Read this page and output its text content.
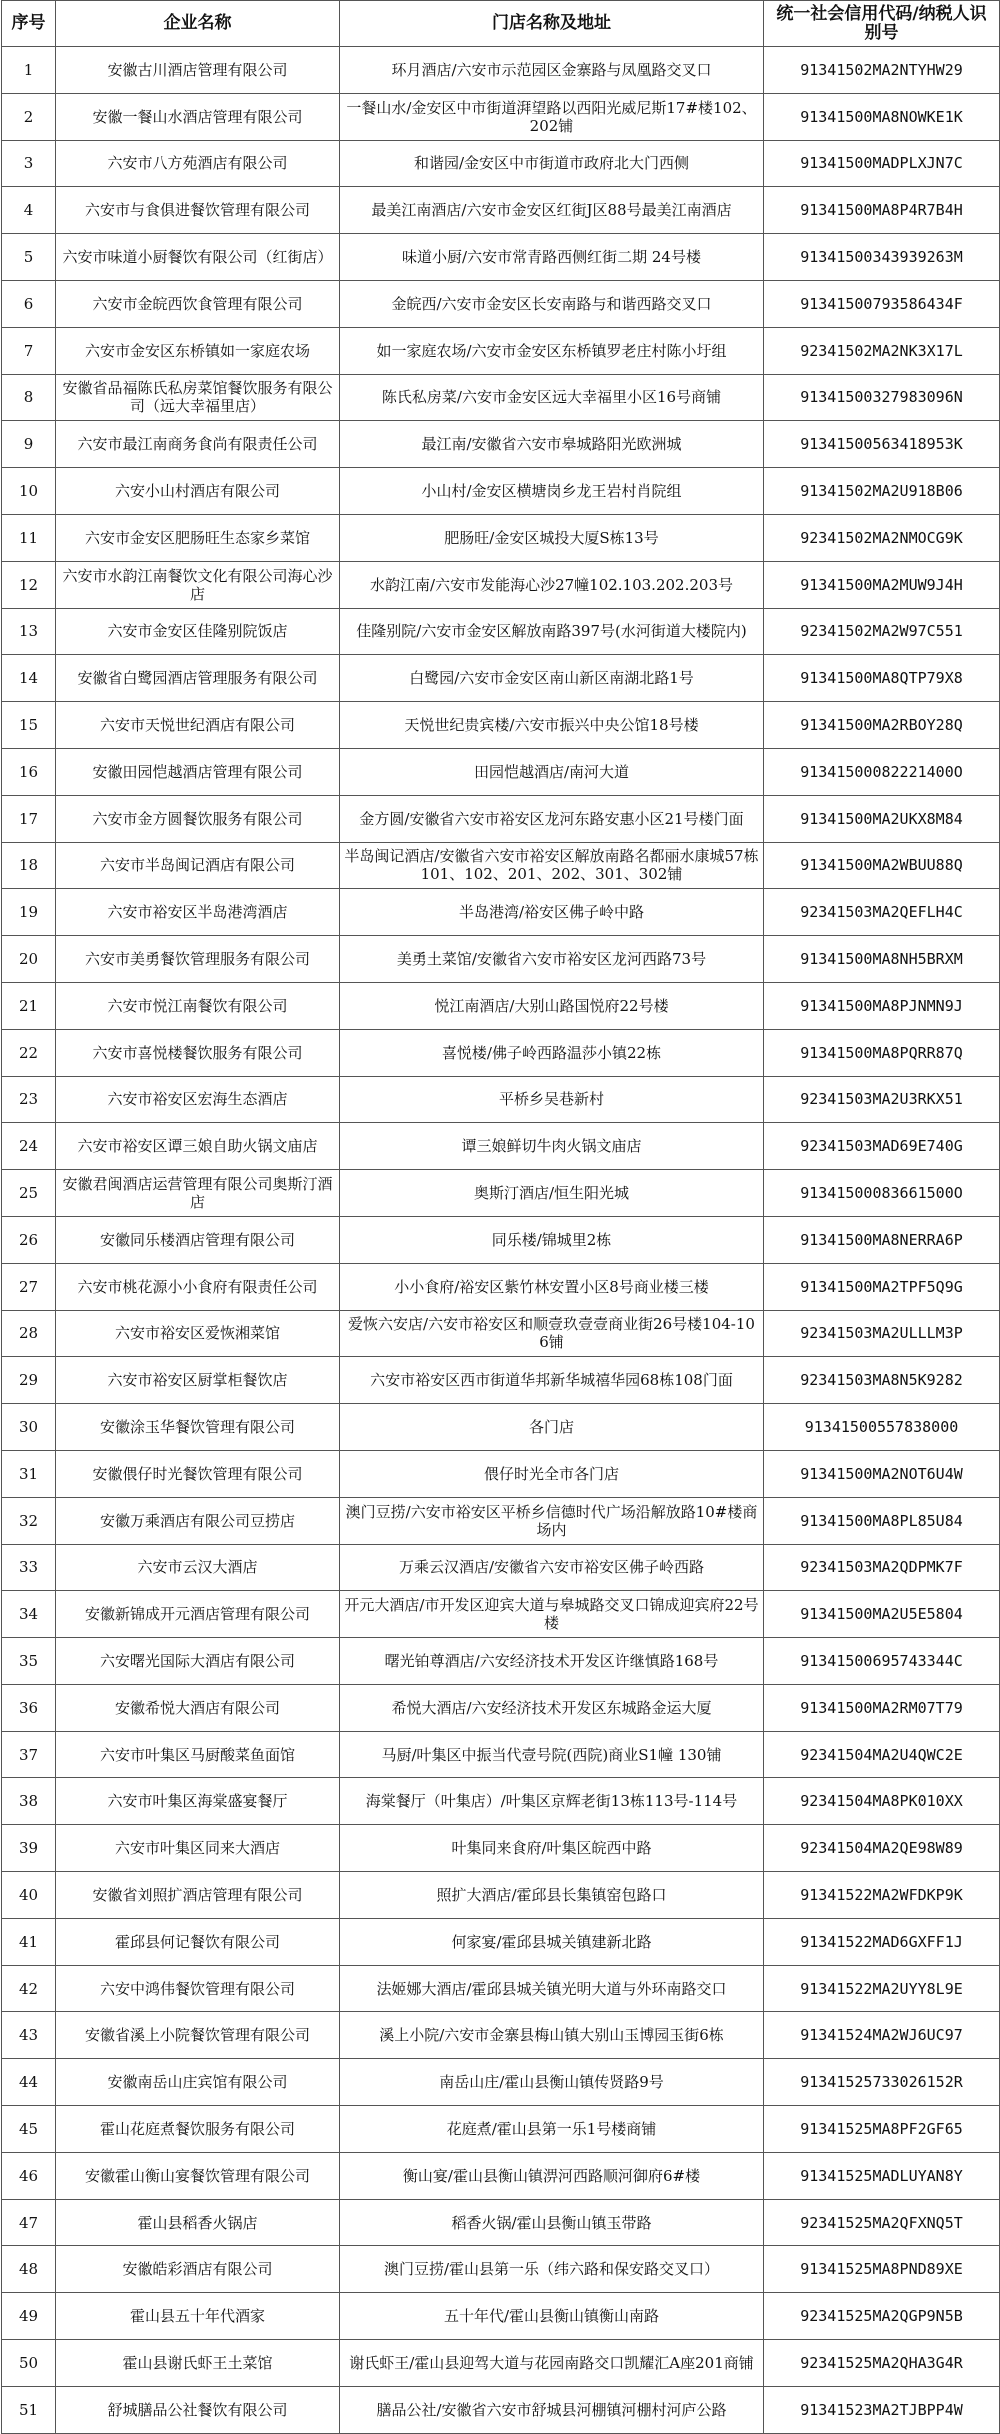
序号	企业名称	门店名称及地址	统一社会信用代码/纳税人识别号
1	安徽古川酒店管理有限公司	环月酒店/六安市示范园区金寨路与凤凰路交叉口	91341502MA2NTYHW29
2	安徽一餐山水酒店管理有限公司	一餐山水/金安区中市街道湃望路以西阳光威尼斯17#楼102、202铺	91341500MA8NOWKE1K
3	六安市八方苑酒店有限公司	和谐园/金安区中市街道市政府北大门西侧	91341500MADPLXJN7C
4	六安市与食俱进餐饮管理有限公司	最美江南酒店/六安市金安区红街J区88号最美江南酒店	91341500MA8P4R7B4H
5	六安市味道小厨餐饮有限公司（红街店）	味道小厨/六安市常青路西侧红街二期 24号楼	91341500343939263M
6	六安市金皖西饮食管理有限公司	金皖西/六安市金安区长安南路与和谐西路交叉口	91341500793586434F
7	六安市金安区东桥镇如一家庭农场	如一家庭农场/六安市金安区东桥镇罗老庄村陈小圩组	92341502MA2NK3X17L
8	安徽省品福陈氏私房菜馆餐饮服务有限公司（远大幸福里店）	陈氏私房菜/六安市金安区远大幸福里小区16号商铺	91341500327983096N
9	六安市最江南商务食尚有限责任公司	最江南/安徽省六安市皋城路阳光欧洲城	91341500563418953K
10	六安小山村酒店有限公司	小山村/金安区横塘岗乡龙王岩村肖院组	91341502MA2U918B06
11	六安市金安区肥肠旺生态家乡菜馆	肥肠旺/金安区城投大厦S栋13号	92341502MA2NMOCG9K
12	六安市水韵江南餐饮文化有限公司海心沙店	水韵江南/六安市发能海心沙27幢102.103.202.203号	91341500MA2MUW9J4H
13	六安市金安区佳隆别院饭店	佳隆别院/六安市金安区解放南路397号(水河街道大楼院内)	92341502MA2W97C551
14	安徽省白鹭园酒店管理服务有限公司	白鹭园/六安市金安区南山新区南湖北路1号	91341500MA8QTP79X8
15	六安市天悦世纪酒店有限公司	天悦世纪贵宾楼/六安市振兴中央公馆18号楼	91341500MA2RBOY28Q
16	安徽田园恺越酒店管理有限公司	田园恺越酒店/南河大道	91341500082221400O
17	六安市金方圆餐饮服务有限公司	金方圆/安徽省六安市裕安区龙河东路安惠小区21号楼门面	91341500MA2UKX8M84
18	六安市半岛闽记酒店有限公司	半岛闽记酒店/安徽省六安市裕安区解放南路名都丽水康城57栋101、102、201、202、301、302铺	91341500MA2WBUU88Q
19	六安市裕安区半岛港湾酒店	半岛港湾/裕安区佛子岭中路	92341503MA2QEFLH4C
20	六安市美勇餐饮管理服务有限公司	美勇土菜馆/安徽省六安市裕安区龙河西路73号	91341500MA8NH5BRXM
21	六安市悦江南餐饮有限公司	悦江南酒店/大别山路国悦府22号楼	91341500MA8PJNMN9J
22	六安市喜悦楼餐饮服务有限公司	喜悦楼/佛子岭西路温莎小镇22栋	91341500MA8PQRR87Q
23	六安市裕安区宏海生态酒店	平桥乡吴巷新村	92341503MA2U3RKX51
24	六安市裕安区谭三娘自助火锅文庙店	谭三娘鲜切牛肉火锅文庙店	92341503MAD69E740G
25	安徽君闽酒店运营管理有限公司奥斯汀酒店	奥斯汀酒店/恒生阳光城	91341500083661500O
26	安徽同乐楼酒店管理有限公司	同乐楼/锦城里2栋	91341500MA8NERRA6P
27	六安市桃花源小小食府有限责任公司	小小食府/裕安区紫竹林安置小区8号商业楼三楼	91341500MA2TPF5Q9G
28	六安市裕安区爱恢湘菜馆	爱恢六安店/六安市裕安区和顺壹玖壹壹商业街26号楼104-106铺	92341503MA2ULLLM3P
29	六安市裕安区厨掌柜餐饮店	六安市裕安区西市街道华邦新华城禧华园68栋108门面	92341503MA8N5K9282
30	安徽涂玉华餐饮管理有限公司	各门店	91341500557838000
31	安徽偎仔时光餐饮管理有限公司	偎仔时光全市各门店	91341500MA2NOT6U4W
32	安徽万乘酒店有限公司豆捞店	澳门豆捞/六安市裕安区平桥乡信德时代广场沿解放路10#楼商场内	91341500MA8PL85U84
33	六安市云汉大酒店	万乘云汉酒店/安徽省六安市裕安区佛子岭西路	92341503MA2QDPMK7F
34	安徽新锦成开元酒店管理有限公司	开元大酒店/市开发区迎宾大道与皋城路交叉口锦成迎宾府22号楼	91341500MA2U5E5804
35	六安曙光国际大酒店有限公司	曙光铂尊酒店/六安经济技术开发区许继慎路168号	91341500695743344C
36	安徽希悦大酒店有限公司	希悦大酒店/六安经济技术开发区东城路金运大厦	91341500MA2RM07T79
37	六安市叶集区马厨酸菜鱼面馆	马厨/叶集区中振当代壹号院(西院)商业S1幢 130铺	92341504MA2U4QWC2E
38	六安市叶集区海棠盛宴餐厅	海棠餐厅（叶集店）/叶集区京辉老街13栋113号-114号	92341504MA8PK010XX
39	六安市叶集区同来大酒店	叶集同来食府/叶集区皖西中路	92341504MA2QE98W89
40	安徽省刘照扩酒店管理有限公司	照扩大酒店/霍邱县长集镇窑包路口	91341522MA2WFDKP9K
41	霍邱县何记餐饮有限公司	何家宴/霍邱县城关镇建新北路	91341522MAD6GXFF1J
42	六安中鸿伟餐饮管理有限公司	法姬娜大酒店/霍邱县城关镇光明大道与外环南路交口	91341522MA2UYY8L9E
43	安徽省溪上小院餐饮管理有限公司	溪上小院/六安市金寨县梅山镇大别山玉博园玉街6栋	91341524MA2WJ6UC97
44	安徽南岳山庄宾馆有限公司	南岳山庄/霍山县衡山镇传贤路9号	91341525733026152R
45	霍山花庭煮餐饮服务有限公司	花庭煮/霍山县第一乐1号楼商铺	91341525MA8PF2GF65
46	安徽霍山衡山宴餐饮管理有限公司	衡山宴/霍山县衡山镇淠河西路顺河御府6#楼	91341525MADLUYAN8Y
47	霍山县稻香火锅店	稻香火锅/霍山县衡山镇玉带路	92341525MA2QFXNQ5T
48	安徽皓彩酒店有限公司	澳门豆捞/霍山县第一乐（纬六路和保安路交叉口）	91341525MA8PND89XE
49	霍山县五十年代酒家	五十年代/霍山县衡山镇衡山南路	92341525MA2QGP9N5B
50	霍山县谢氏虾王土菜馆	谢氏虾王/霍山县迎驾大道与花园南路交口凯耀汇A座201商铺	92341525MA2QHA3G4R
51	舒城膳品公社餐饮有限公司	膳品公社/安徽省六安市舒城县河棚镇河棚村河庐公路	91341523MA2TJBPP4W
